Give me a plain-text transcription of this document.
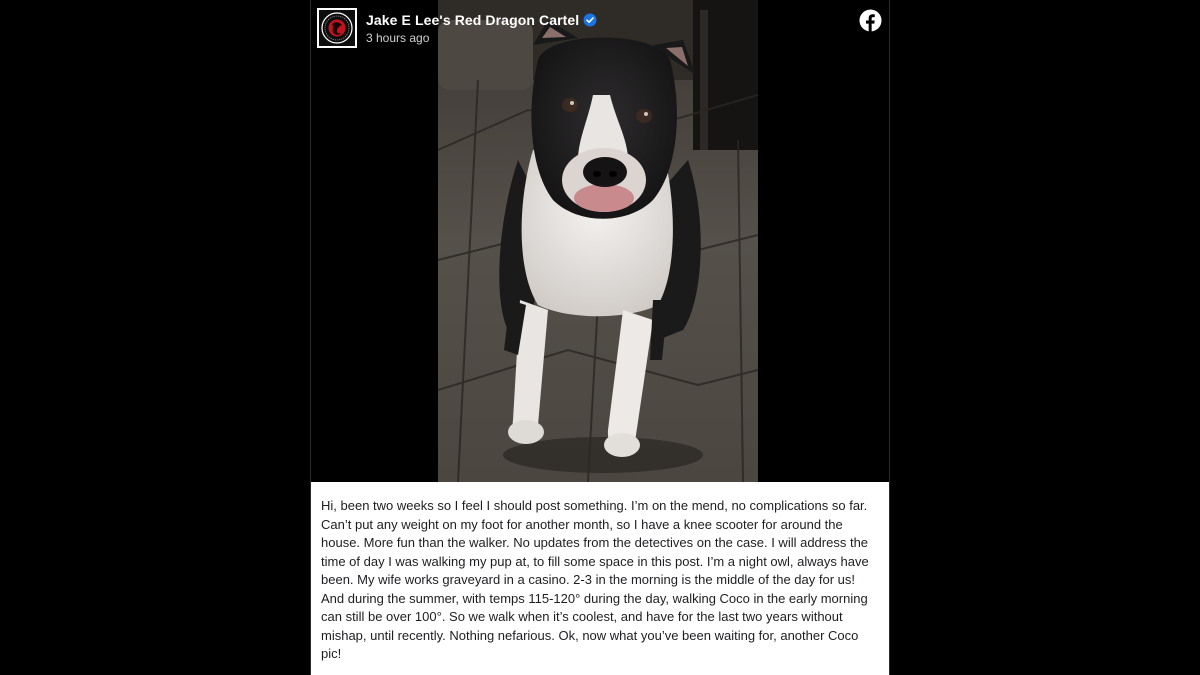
Jake E Lee's Red Dragon Cartel
3 hours ago
Hi, been two weeks so I feel I should post something. I’m on the mend, no complications so far. Can’t put any weight on my foot for another month, so I have a knee scooter for around the house. More fun than the walker. No updates from the detectives on the case. I will address the time of day I was walking my pup at, to fill some space in this post. I’m a night owl, always have been. My wife works graveyard in a casino. 2-3 in the morning is the middle of the day for us! And during the summer, with temps 115-120° during the day, walking Coco in the early morning can still be over 100°. So we walk when it’s coolest, and have for the last two years without mishap, until recently. Nothing nefarious. Ok, now what you’ve been waiting for, another Coco pic!
